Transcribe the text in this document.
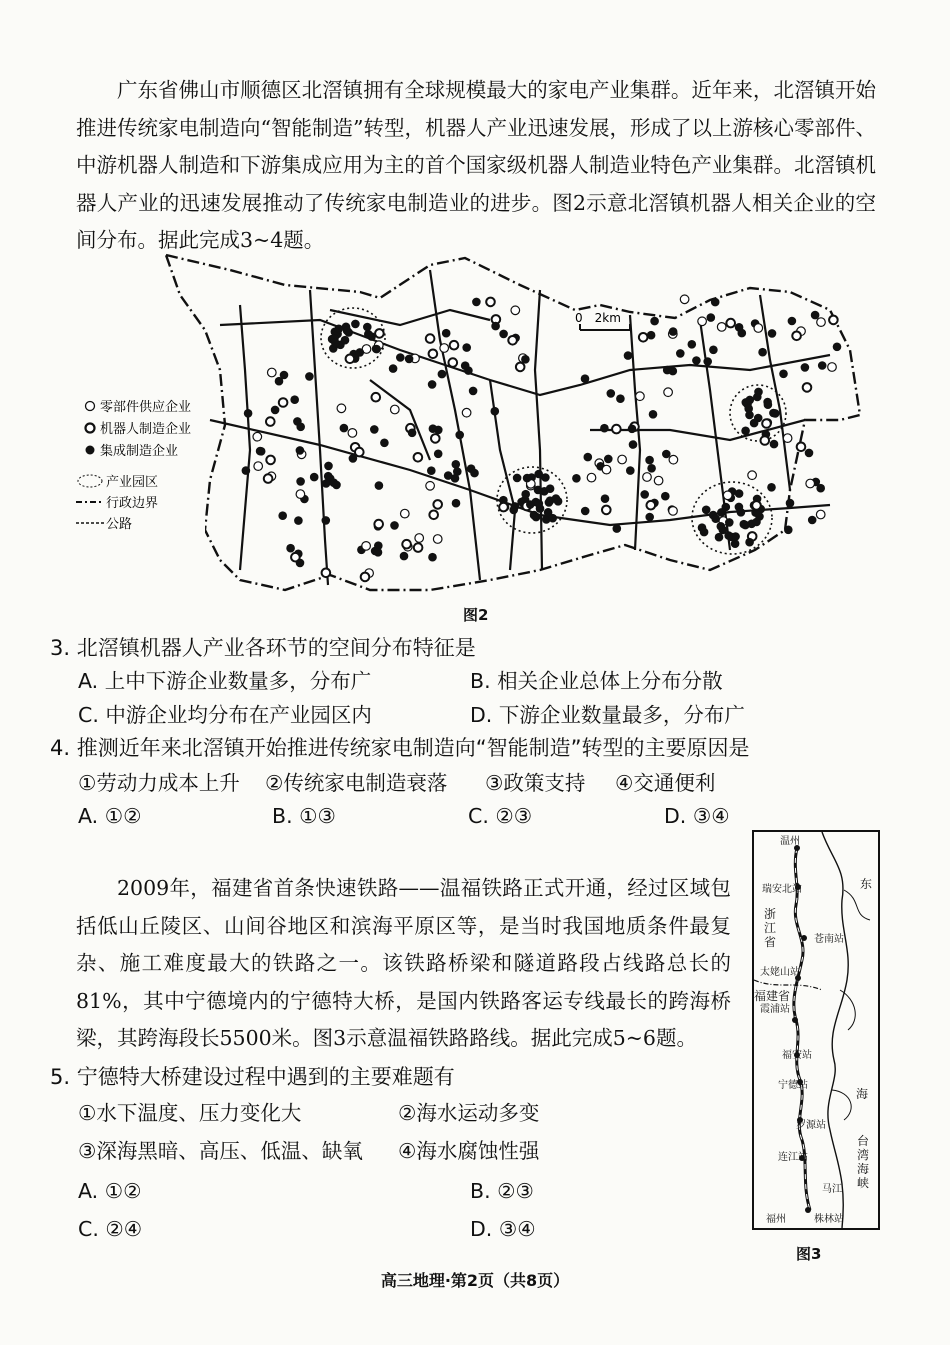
广东省佛山市顺德区北滘镇拥有全球规模最大的家电产业集群。近年来，北滘镇开始推进传统家电制造向“智能制造”转型，机器人产业迅速发展，形成了以上游核心零部件、中游机器人制造和下游集成应用为主的首个国家级机器人制造业特色产业集群。北滘镇机器人产业的迅速发展推动了传统家电制造业的进步。图2示意北滘镇机器人相关企业的空间分布。据此完成3~4题。

0　2km
零部件供应企业
机器人制造企业
集成制造企业
产业园区
行政边界
公路
图2

3. 北滘镇机器人产业各环节的空间分布特征是

A. 上中下游企业数量多，分布广	B. 相关企业总体上分布分散
C. 中游企业均分布在产业园区内	D. 下游企业数量最多，分布广

4. 推测近年来北滘镇开始推进传统家电制造向“智能制造”转型的主要原因是

①劳动力成本上升 ②传统家电制造衰落 ③政策支持 ④交通便利
A. ①②	B. ①③	C. ②③	D. ③④

2009年，福建省首条快速铁路——温福铁路正式开通，经过区域包括低山丘陵区、山间谷地区和滨海平原区等，是当时我国地质条件最复杂、施工难度最大的铁路之一。该铁路桥梁和隧道路段占线路总长的81%，其中宁德境内的宁德特大桥，是国内铁路客运专线最长的跨海桥梁，其跨海段长5500米。图3示意温福铁路路线。据此完成5~6题。

5. 宁德特大桥建设过程中遇到的主要难题有

①水下温度、压力变化大	②海水运动多变
③深海黑暗、高压、低温、缺氧 ④海水腐蚀性强
A. ①②	B. ②③
C. ②④	D. ③④
温州
瑞安北站	东
苍南站
太姥山站
霞浦站
福安站
宁德站
罗源站
海
连江站
马江
福州	株林站
浙江省
福建省
台湾海峡
图3
高三地理·第2页（共8页）
